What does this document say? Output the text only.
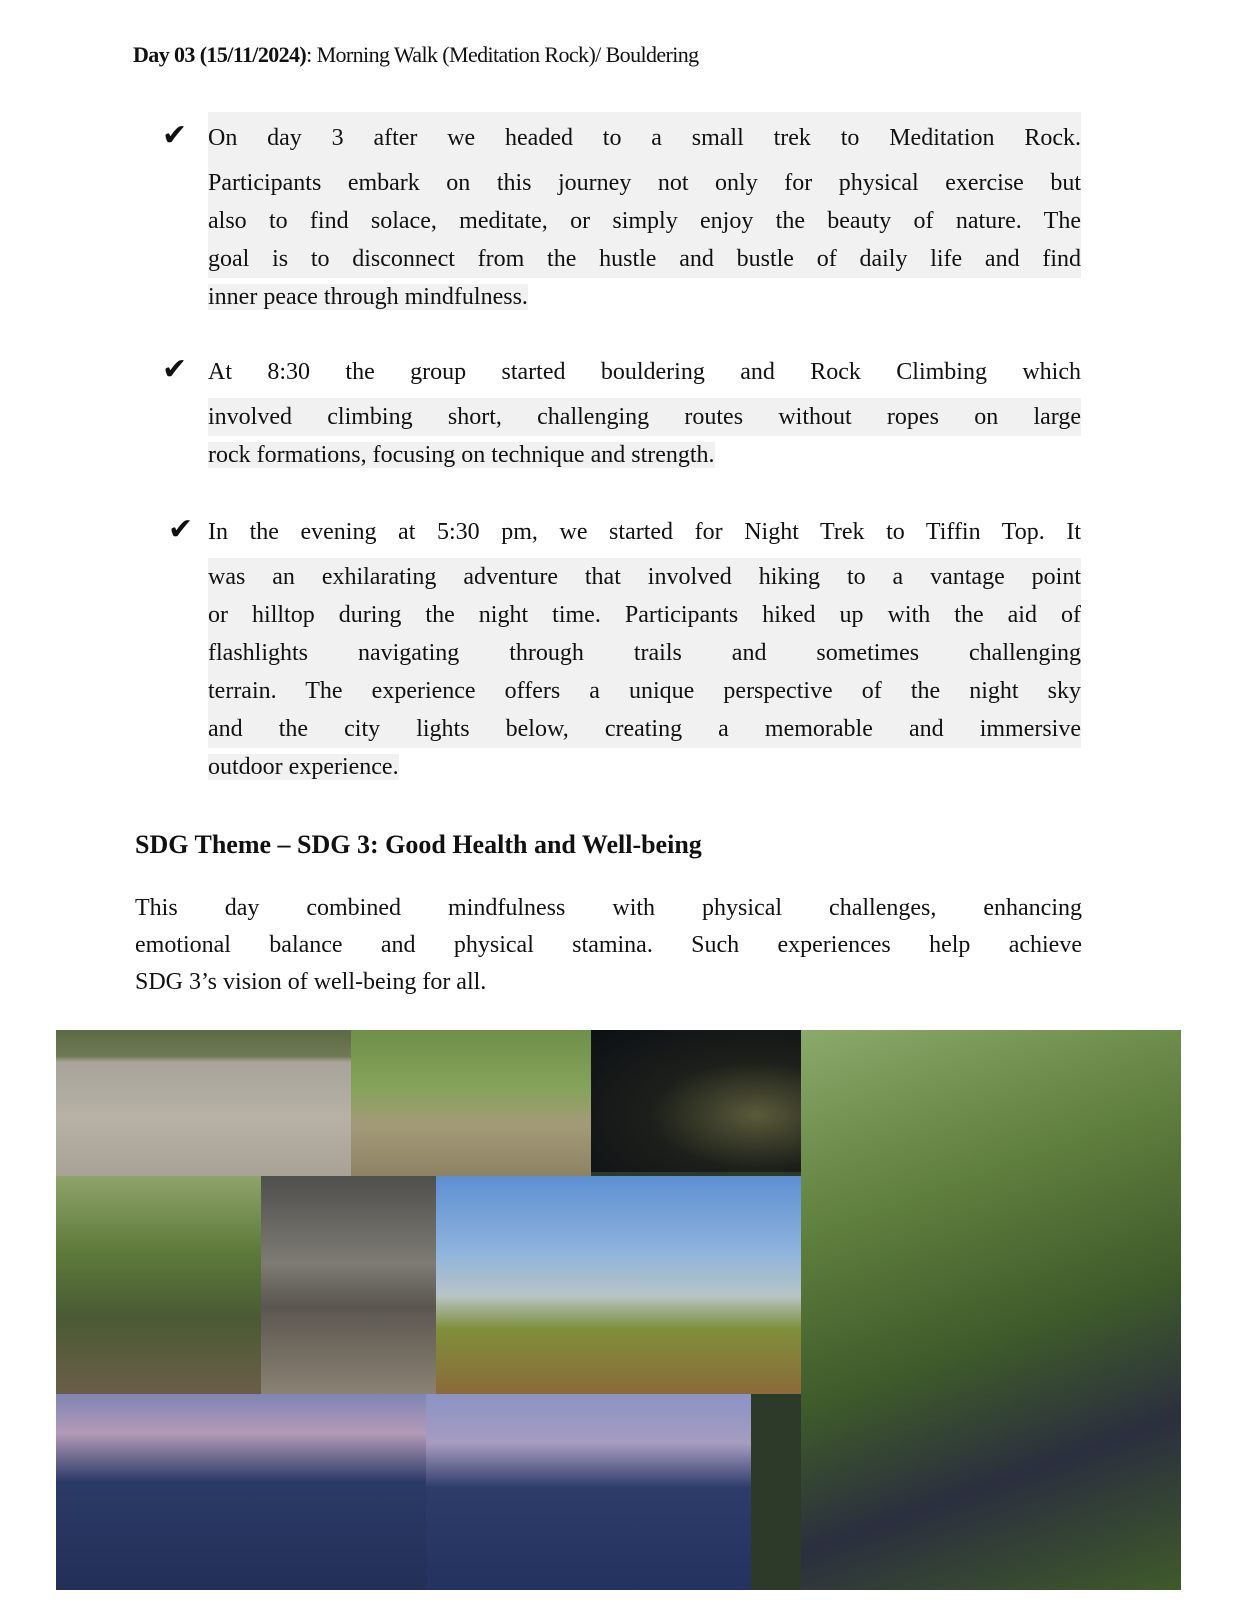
Day 03 (15/11/2024): Morning Walk (Meditation Rock)/ Bouldering
✔ On day 3 after we headed to a small trek to Meditation Rock.
Participants embark on this journey not only for physical exercise but
also to find solace, meditate, or simply enjoy the beauty of nature. The
goal is to disconnect from the hustle and bustle of daily life and find
inner peace through mindfulness.
✔ At 8:30 the group started bouldering and Rock Climbing which
involved climbing short, challenging routes without ropes on large
rock formations, focusing on technique and strength.
✔ In the evening at 5:30 pm, we started for Night Trek to Tiffin Top. It
was an exhilarating adventure that involved hiking to a vantage point
or hilltop during the night time. Participants hiked up with the aid of
flashlights navigating through trails and sometimes challenging
terrain. The experience offers a unique perspective of the night sky
and the city lights below, creating a memorable and immersive
outdoor experience.
SDG Theme – SDG 3: Good Health and Well-being
This day combined mindfulness with physical challenges, enhancing
emotional balance and physical stamina. Such experiences help achieve
SDG 3’s vision of well-being for all.
